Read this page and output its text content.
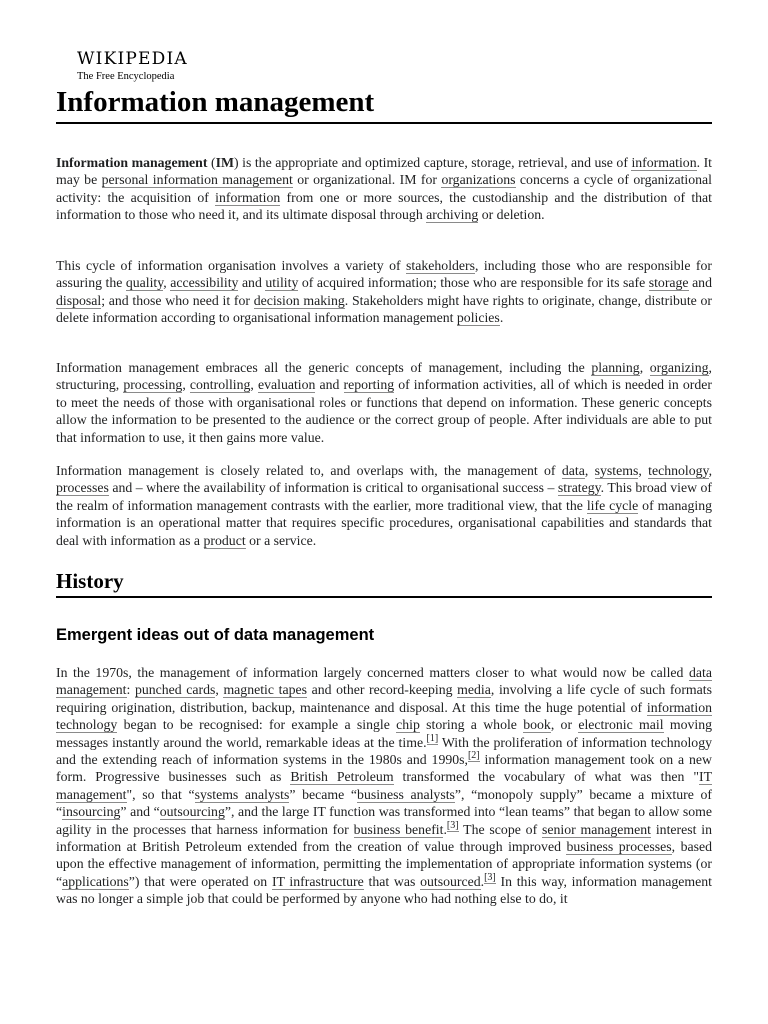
WIKIPEDIA
The Free Encyclopedia
Information management

Information management (IM) is the appropriate and optimized capture, storage, retrieval, and use of information. It may be personal information management or organizational. IM for organizations concerns a cycle of organizational activity: the acquisition of information from one or more sources, the custodianship and the distribution of that information to those who need it, and its ultimate disposal through archiving or deletion.

This cycle of information organisation involves a variety of stakeholders, including those who are responsible for assuring the quality, accessibility and utility of acquired information; those who are responsible for its safe storage and disposal; and those who need it for decision making. Stakeholders might have rights to originate, change, distribute or delete information according to organisational information management policies.

Information management embraces all the generic concepts of management, including the planning, organizing, structuring, processing, controlling, evaluation and reporting of information activities, all of which is needed in order to meet the needs of those with organisational roles or functions that depend on information. These generic concepts allow the information to be presented to the audience or the correct group of people. After individuals are able to put that information to use, it then gains more value.

Information management is closely related to, and overlaps with, the management of data, systems, technology, processes and – where the availability of information is critical to organisational success – strategy. This broad view of the realm of information management contrasts with the earlier, more traditional view, that the life cycle of managing information is an operational matter that requires specific procedures, organisational capabilities and standards that deal with information as a product or a service.

History
Emergent ideas out of data management

In the 1970s, the management of information largely concerned matters closer to what would now be called data management: punched cards, magnetic tapes and other record-keeping media, involving a life cycle of such formats requiring origination, distribution, backup, maintenance and disposal. At this time the huge potential of information technology began to be recognised: for example a single chip storing a whole book, or electronic mail moving messages instantly around the world, remarkable ideas at the time.[1] With the proliferation of information technology and the extending reach of information systems in the 1980s and 1990s,[2] information management took on a new form. Progressive businesses such as British Petroleum transformed the vocabulary of what was then "IT management", so that “systems analysts” became “business analysts”, “monopoly supply” became a mixture of “insourcing” and “outsourcing”, and the large IT function was transformed into “lean teams” that began to allow some agility in the processes that harness information for business benefit.[3] The scope of senior management interest in information at British Petroleum extended from the creation of value through improved business processes, based upon the effective management of information, permitting the implementation of appropriate information systems (or “applications”) that were operated on IT infrastructure that was outsourced.[3] In this way, information management was no longer a simple job that could be performed by anyone who had nothing else to do, it
